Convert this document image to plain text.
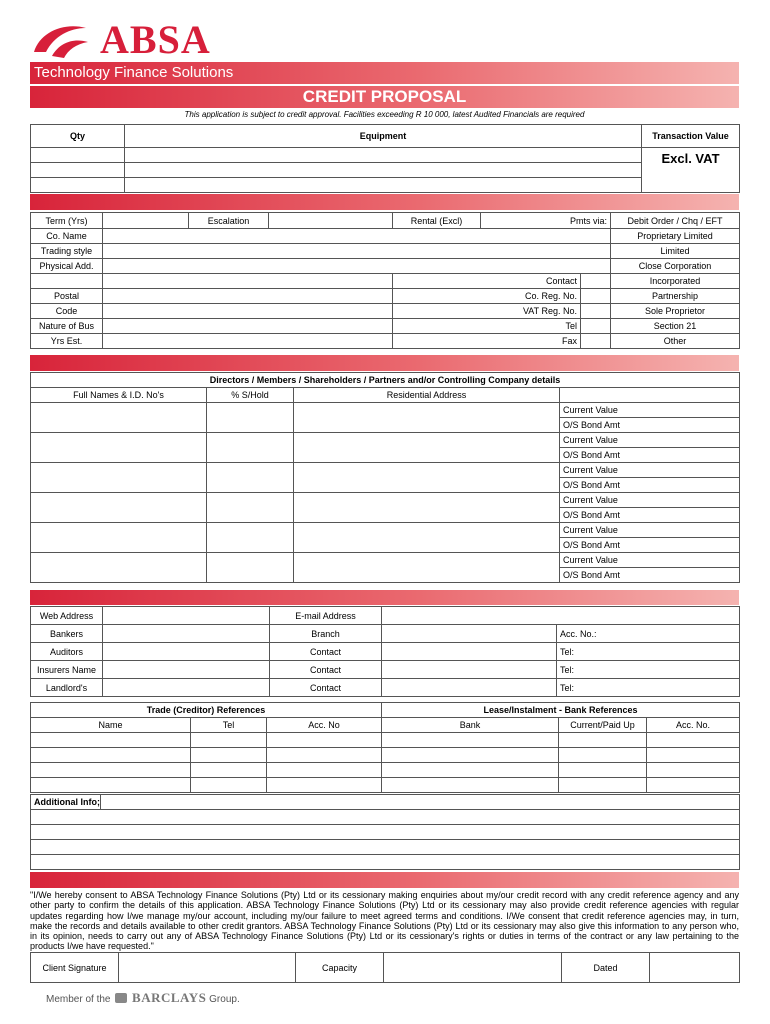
ABSA
Technology Finance Solutions
CREDIT PROPOSAL
This application is subject to credit approval. Facilities exceeding R 10 000, latest Audited Financials are required
Qty	Equipment	Transaction Value
		Excl. VAT

Term (Yrs)		Escalation		Rental (Excl)	Pmts via:		Debit Order / Chq / EFT
Co. Name							Proprietary Limited
Trading style							Limited
Physical Add.							Close Corporation
				Contact			Incorporated
Postal				Co. Reg. No.			Partnership
Code				VAT Reg. No.			Sole Proprietor
Nature of Bus				Tel			Section 21
Yrs Est.				Fax			Other
Directors / Members / Shareholders / Partners and/or Controlling Company details			
Full Names & I.D. No's	% S/Hold	Residential Address	
			Current Value
			O/S Bond Amt
			Current Value
			O/S Bond Amt
			Current Value
			O/S Bond Amt
			Current Value
			O/S Bond Amt
			Current Value
			O/S Bond Amt
			Current Value
			O/S Bond Amt
Web Address		E-mail Address		
Bankers		Branch		Acc. No.:
Auditors		Contact		Tel:
Insurers Name		Contact		Tel:
Landlord's		Contact		Tel:
Trade (Creditor) References			Lease/Instalment - Bank References		
Name	Tel	Acc. No	Bank	Current/Paid Up	Acc. No.

Additional Info;	

"I/We hereby consent to ABSA Technology Finance Solutions (Pty) Ltd or its cessionary making enquiries about my/our credit record with any credit reference agency and any other party to confirm the details of this application. ABSA Technology Finance Solutions (Pty) Ltd or its cessionary may also provide credit reference agencies with regular updates regarding how I/we manage my/our account, including my/our failure to meet agreed terms and conditions. I/We consent that credit reference agencies may, in turn, make the records and details available to other credit grantors. ABSA Technology Finance Solutions (Pty) Ltd or its cessionary may also give this information to any person who, in its opinion, needs to carry out any of ABSA Technology Finance Solutions (Pty) Ltd or its cessionary's rights or duties in terms of the contract or any law pertaining to the products I/we have requested."
Client Signature		Capacity		Dated	
Member of the BARCLAYS Group.
